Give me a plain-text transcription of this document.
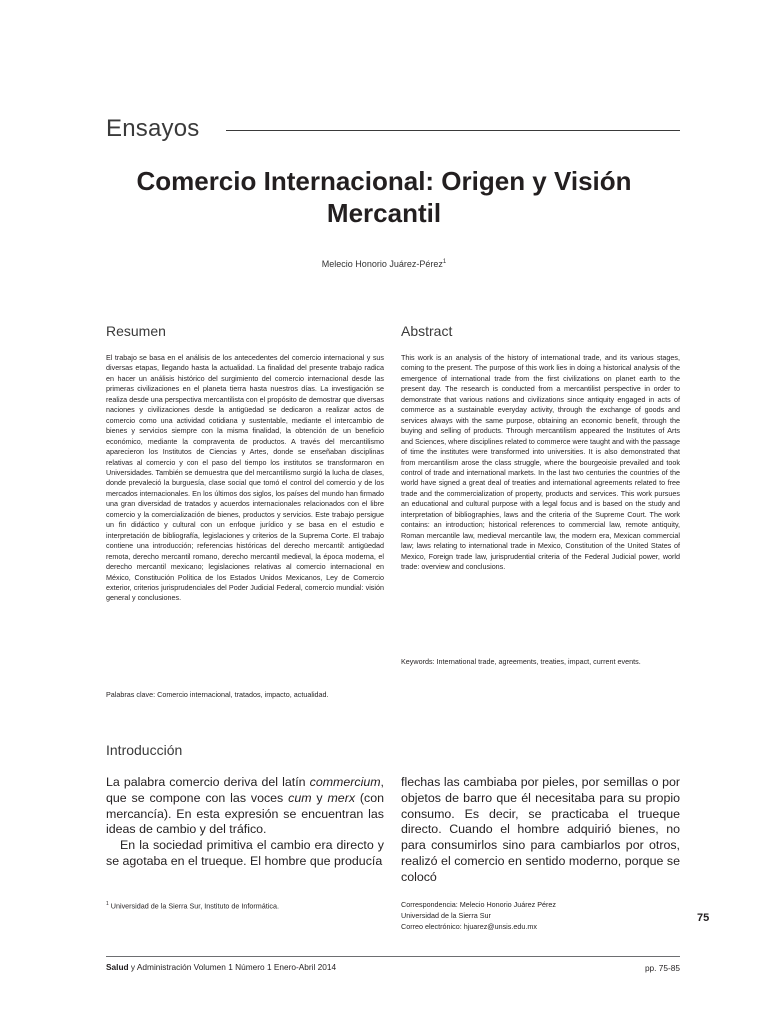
Ensayos
Comercio Internacional: Origen y Visión Mercantil
Melecio Honorio Juárez-Pérez$^1$
Resumen
El trabajo se basa en el análisis de los antecedentes del comercio internacional y sus diversas etapas, llegando hasta la actualidad. La finalidad del presente trabajo radica en hacer un análisis histórico del surgimiento del comercio internacional desde las primeras civilizaciones en el planeta tierra hasta nuestros días. La investigación se realiza desde una perspectiva mercantilista con el propósito de demostrar que diversas naciones y civilizaciones desde la antigüedad se dedicaron a realizar actos de comercio como una actividad cotidiana y sustentable, mediante el intercambio de bienes y servicios siempre con la misma finalidad, la obtención de un beneficio económico, mediante la compraventa de productos. A través del mercantilismo aparecieron los Institutos de Ciencias y Artes, donde se enseñaban disciplinas relativas al comercio y con el paso del tiempo los institutos se transformaron en Universidades. También se demuestra que del mercantilismo surgió la lucha de clases, donde prevaleció la burguesía, clase social que tomó el control del comercio y de los mercados internacionales. En los últimos dos siglos, los países del mundo han firmado una gran diversidad de tratados y acuerdos internacionales relacionados con el libre comercio y la comercialización de bienes, productos y servicios. Este trabajo persigue un fin didáctico y cultural con un enfoque jurídico y se basa en el estudio e interpretación de bibliografía, legislaciones y criterios de la Suprema Corte. El trabajo contiene una introducción; referencias históricas del derecho mercantil: antigüedad remota, derecho mercantil romano, derecho mercantil medieval, la época moderna, el derecho mercantil mexicano; legislaciones relativas al comercio internacional en México, Constitución Política de los Estados Unidos Mexicanos, Ley de Comercio exterior, criterios jurisprudenciales del Poder Judicial Federal, comercio mundial: visión general y conclusiones.
Palabras clave: Comercio internacional, tratados, impacto, actualidad.
Abstract
This work is an analysis of the history of international trade, and its various stages, coming to the present. The purpose of this work lies in doing a historical analysis of the emergence of international trade from the first civilizations on planet earth to the present day. The research is conducted from a mercantilist perspective in order to demonstrate that various nations and civilizations since antiquity engaged in acts of commerce as a sustainable everyday activity, through the exchange of goods and services always with the same purpose, obtaining an economic benefit, through the buying and selling of products. Through mercantilism appeared the Institutes of Arts and Sciences, where disciplines related to commerce were taught and with the passage of time the institutes were transformed into universities. It is also demonstrated that from mercantilism arose the class struggle, where the bourgeoisie prevailed and took control of trade and international markets. In the last two centuries the countries of the world have signed a great deal of treaties and international agreements related to free trade and the commercialization of property, products and services. This work pursues an educational and cultural purpose with a legal focus and is based on the study and interpretation of bibliographies, laws and the criteria of the Supreme Court. The work contains: an introduction; historical references to commercial law, remote antiquity, Roman mercantile law, medieval mercantile law, the modern era, Mexican commercial law; laws relating to international trade in Mexico, Constitution of the United States of Mexico, Foreign trade law, jurisprudential criteria of the Federal Judicial power, world trade: overview and conclusions.
Keywords: International trade, agreements, treaties, impact, current events.
Introducción

La palabra comercio deriva del latín commercium, que se compone con las voces cum y merx (con mercancía). En esta expresión se encuentran las ideas de cambio y del tráfico.

En la sociedad primitiva el cambio era directo y se agotaba en el trueque. El hombre que producía

flechas las cambiaba por pieles, por semillas o por objetos de barro que él necesitaba para su propio consumo. Es decir, se practicaba el trueque directo. Cuando el hombre adquirió bienes, no para consumirlos sino para cambiarlos por otros, realizó el comercio en sentido moderno, porque se colocó

$^1$ Universidad de la Sierra Sur, Instituto de Informática.	Correspondencia: Melecio Honorio Juárez Pérez
Universidad de la Sierra Sur
Correo electrónico: hjuarez@unsis.edu.mx
75
Salud y Administración Volumen 1 Número 1 Enero-Abril 2014	pp. 75-85
